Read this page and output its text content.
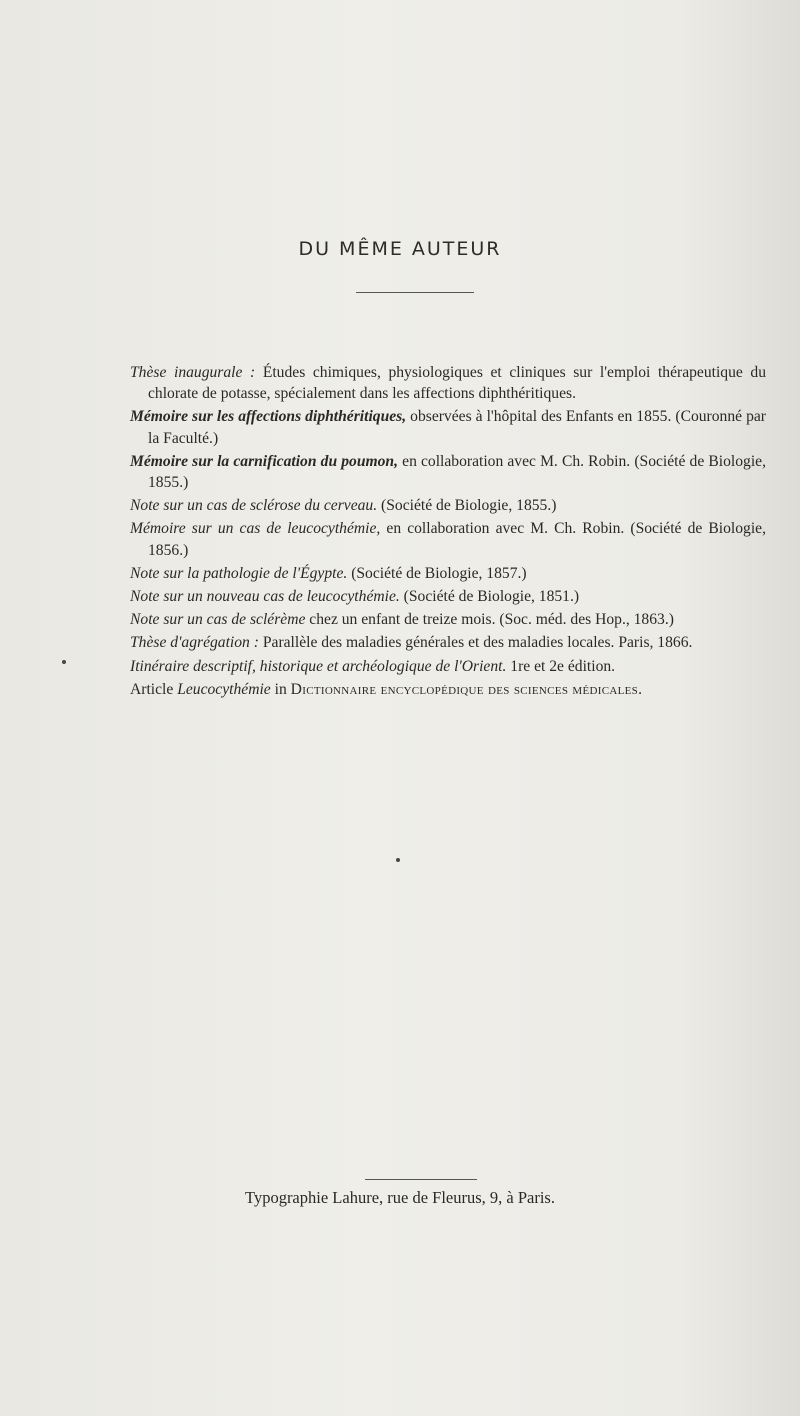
DU MÊME AUTEUR

Thèse inaugurale : Études chimiques, physiologiques et cliniques sur l'emploi thérapeutique du chlorate de potasse, spécialement dans les affections diphthéritiques.

Mémoire sur les affections diphthéritiques, observées à l'hôpital des Enfants en 1855. (Couronné par la Faculté.)

Mémoire sur la carnification du poumon, en collaboration avec M. Ch. Robin. (Société de Biologie, 1855.)

Note sur un cas de sclérose du cerveau. (Société de Biologie, 1855.)

Mémoire sur un cas de leucocythémie, en collaboration avec M. Ch. Robin. (Société de Biologie, 1856.)

Note sur la pathologie de l'Égypte. (Société de Biologie, 1857.)

Note sur un nouveau cas de leucocythémie. (Société de Biologie, 1851.)

Note sur un cas de sclérème chez un enfant de treize mois. (Soc. méd. des Hop., 1863.)

Thèse d'agrégation : Parallèle des maladies générales et des maladies locales. Paris, 1866.

Itinéraire descriptif, historique et archéologique de l'Orient. 1re et 2e édition.

Article Leucocythémie in Dictionnaire encyclopédique des sciences médicales.

Typographie Lahure, rue de Fleurus, 9, à Paris.
